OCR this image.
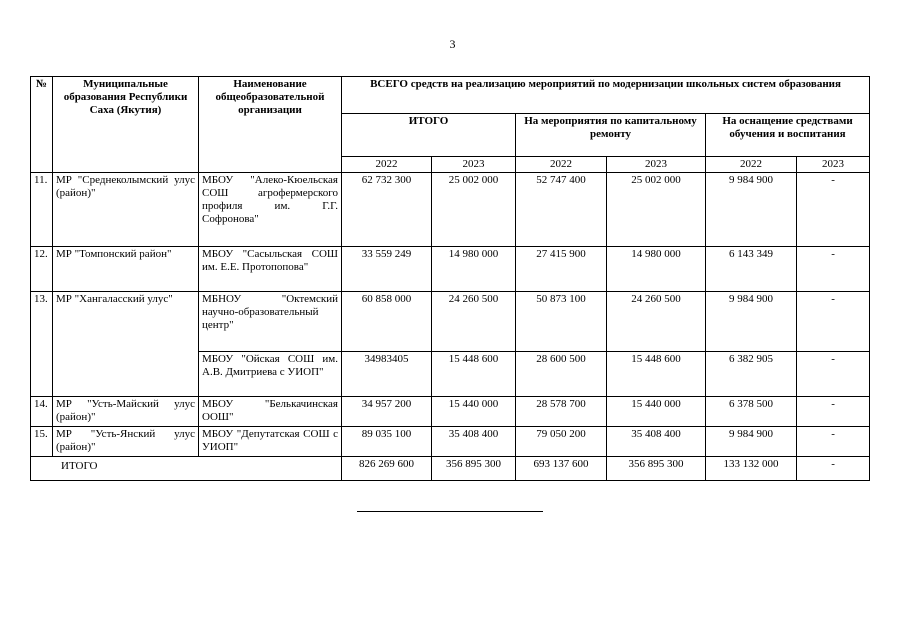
3
№	Муниципальные образования Республики Саха (Якутия)	Наименование общеобразовательной организации	ВСЕГО средств на реализацию мероприятий по модернизации школьных систем образования					
			ИТОГО		На мероприятия по капитальному ремонту		На оснащение средствами обучения и воспитания	
			2022	2023	2022	2023	2022	2023
11.	МР "Среднеколымский улус (район)"	МБОУ "Алеко-Кюельская СОШ агрофермерского профиля им. Г.Г. Софронова"	62 732 300	25 002 000	52 747 400	25 002 000	9 984 900	-
12.	МР "Томпонский район"	МБОУ "Сасыльская СОШ им. Е.Е. Протопопова"	33 559 249	14 980 000	27 415 900	14 980 000	6 143 349	-
13.	МР "Хангаласский улус"	МБНОУ "Октемский научно-образовательный центр"	60 858 000	24 260 500	50 873 100	24 260 500	9 984 900	-
		МБОУ "Ойская СОШ им. А.В. Дмитриева с УИОП"	34983405	15 448 600	28 600 500	15 448 600	6 382 905	-
14.	МР "Усть-Майский улус (район)"	МБОУ "Белькачинская ООШ"	34 957 200	15 440 000	28 578 700	15 440 000	6 378 500	-
15.	МР "Усть-Янский улус (район)"	МБОУ "Депутатская СОШ с УИОП"	89 035 100	35 408 400	79 050 200	35 408 400	9 984 900	-
ИТОГО			826 269 600	356 895 300	693 137 600	356 895 300	133 132 000	-
